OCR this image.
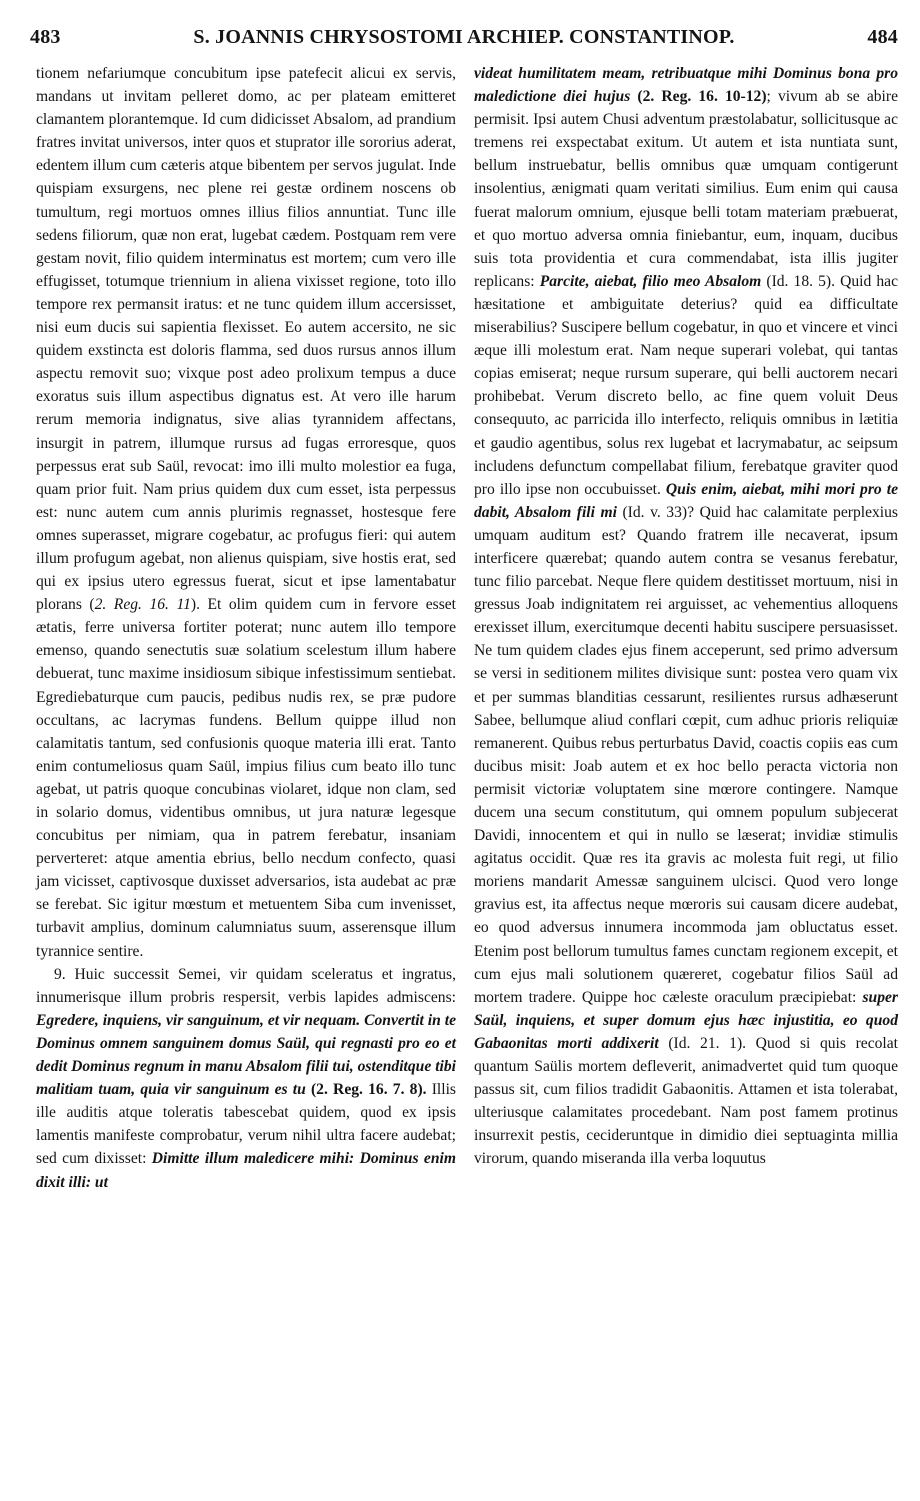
483	S. JOANNIS CHRYSOSTOMI ARCHIEP. CONSTANTINOP.	484

tionem nefariumque concubitum ipse patefecit alicui ex servis, mandans ut invitam pelleret domo, ac per plateam emitteret clamantem plorantemque. Id cum didicisset Absalom, ad prandium fratres invitat universos, inter quos et stuprator ille sororius aderat, edentem illum cum cæteris atque bibentem per servos jugulat. Inde quispiam exsurgens, nec plene rei gestæ ordinem noscens ob tumultum, regi mortuos omnes illius filios annuntiat. Tunc ille sedens filiorum, quæ non erat, lugebat cædem. Postquam rem vere gestam novit, filio quidem interminatus est mortem; cum vero ille effugisset, totumque triennium in aliena vixisset regione, toto illo tempore rex permansit iratus: et ne tunc quidem illum accersisset, nisi eum ducis sui sapientia flexisset. Eo autem accersito, ne sic quidem exstincta est doloris flamma, sed duos rursus annos illum aspectu removit suo; vixque post adeo prolixum tempus a duce exoratus suis illum aspectibus dignatus est. At vero ille harum rerum memoria indignatus, sive alias tyrannidem affectans, insurgit in patrem, illumque rursus ad fugas erroresque, quos perpessus erat sub Saül, revocat: imo illi multo molestior ea fuga, quam prior fuit. Nam prius quidem dux cum esset, ista perpessus est: nunc autem cum annis plurimis regnasset, hostesque fere omnes superasset, migrare cogebatur, ac profugus fieri: qui autem illum profugum agebat, non alienus quispiam, sive hostis erat, sed qui ex ipsius utero egressus fuerat, sicut et ipse lamentabatur plorans (2. Reg. 16. 11). Et olim quidem cum in fervore esset ætatis, ferre universa fortiter poterat; nunc autem illo tempore emenso, quando senectutis suæ solatium scelestum illum habere debuerat, tunc maxime insidiosum sibique infestissimum sentiebat. Egrediebaturque cum paucis, pedibus nudis rex, se præ pudore occultans, ac lacrymas fundens. Bellum quippe illud non calamitatis tantum, sed confusionis quoque materia illi erat. Tanto enim contumeliosus quam Saül, impius filius cum beato illo tunc agebat, ut patris quoque concubinas violaret, idque non clam, sed in solario domus, videntibus omnibus, ut jura naturæ legesque concubitus per nimiam, qua in patrem ferebatur, insaniam perverteret: atque amentia ebrius, bello necdum confecto, quasi jam vicisset, captivosque duxisset adversarios, ista audebat ac præ se ferebat. Sic igitur mœstum et metuentem Siba cum invenisset, turbavit amplius, dominum calumniatus suum, asserensque illum tyrannice sentire.

9. Huic successit Semei, vir quidam sceleratus et ingratus, innumerisque illum probris respersit, verbis lapides admiscens: Egredere, inquiens, vir sanguinum, et vir nequam. Convertit in te Dominus omnem sanguinem domus Saül, qui regnasti pro eo et dedit Dominus regnum in manu Absalom filii tui, ostenditque tibi malitiam tuam, quia vir sanguinum es tu (2. Reg. 16. 7. 8). Illis ille auditis atque toleratis tabescebat quidem, quod ex ipsis lamentis manifeste comprobatur, verum nihil ultra facere audebat; sed cum dixisset: Dimitte illum maledicere mihi: Dominus enim dixit illi: ut

videat humilitatem meam, retribuatque mihi Dominus bona pro maledictione diei hujus (2. Reg. 16. 10-12); vivum ab se abire permisit. Ipsi autem Chusi adventum præstolabatur, sollicitusque ac tremens rei exspectabat exitum. Ut autem et ista nuntiata sunt, bellum instruebatur, bellis omnibus quæ umquam contigerunt insolentius, ænigmati quam veritati similius. Eum enim qui causa fuerat malorum omnium, ejusque belli totam materiam præbuerat, et quo mortuo adversa omnia finiebantur, eum, inquam, ducibus suis tota providentia et cura commendabat, ista illis jugiter replicans: Parcite, aiebat, filio meo Absalom (Id. 18. 5). Quid hac hæsitatione et ambiguitate deterius? quid ea difficultate miserabilius? Suscipere bellum cogebatur, in quo et vincere et vinci æque illi molestum erat. Nam neque superari volebat, qui tantas copias emiserat; neque rursum superare, qui belli auctorem necari prohibebat. Verum discreto bello, ac fine quem voluit Deus consequuto, ac parricida illo interfecto, reliquis omnibus in lætitia et gaudio agentibus, solus rex lugebat et lacrymabatur, ac seipsum includens defunctum compellabat filium, ferebatque graviter quod pro illo ipse non occubuisset. Quis enim, aiebat, mihi mori pro te dabit, Absalom fili mi (Id. v. 33)? Quid hac calamitate perplexius umquam auditum est? Quando fratrem ille necaverat, ipsum interficere quærebat; quando autem contra se vesanus ferebatur, tunc filio parcebat. Neque flere quidem destitisset mortuum, nisi in gressus Joab indignitatem rei arguisset, ac vehementius alloquens erexisset illum, exercitumque decenti habitu suscipere persuasisset. Ne tum quidem clades ejus finem acceperunt, sed primo adversum se versi in seditionem milites divisique sunt: postea vero quam vix et per summas blanditias cessarunt, resilientes rursus adhæserunt Sabee, bellumque aliud conflari cœpit, cum adhuc prioris reliquiæ remanerent. Quibus rebus perturbatus David, coactis copiis eas cum ducibus misit: Joab autem et ex hoc bello peracta victoria non permisit victoriæ voluptatem sine mœrore contingere. Namque ducem una secum constitutum, qui omnem populum subjecerat Davidi, innocentem et qui in nullo se læserat; invidiæ stimulis agitatus occidit. Quæ res ita gravis ac molesta fuit regi, ut filio moriens mandarit Amessæ sanguinem ulcisci. Quod vero longe gravius est, ita affectus neque mœroris sui causam dicere audebat, eo quod adversus innumera incommoda jam obluctatus esset. Etenim post bellorum tumultus fames cunctam regionem excepit, et cum ejus mali solutionem quæreret, cogebatur filios Saül ad mortem tradere. Quippe hoc cæleste oraculum præcipiebat: super Saül, inquiens, et super domum ejus hæc injustitia, eo quod Gabaonitas morti addixerit (Id. 21. 1). Quod si quis recolat quantum Saülis mortem defleverit, animadvertet quid tum quoque passus sit, cum filios tradidit Gabaonitis. Attamen et ista tolerabat, ulteriusque calamitates procedebant. Nam post famem protinus insurrexit pestis, cecideruntque in dimidio diei septuaginta millia virorum, quando miseranda illa verba loquutus
